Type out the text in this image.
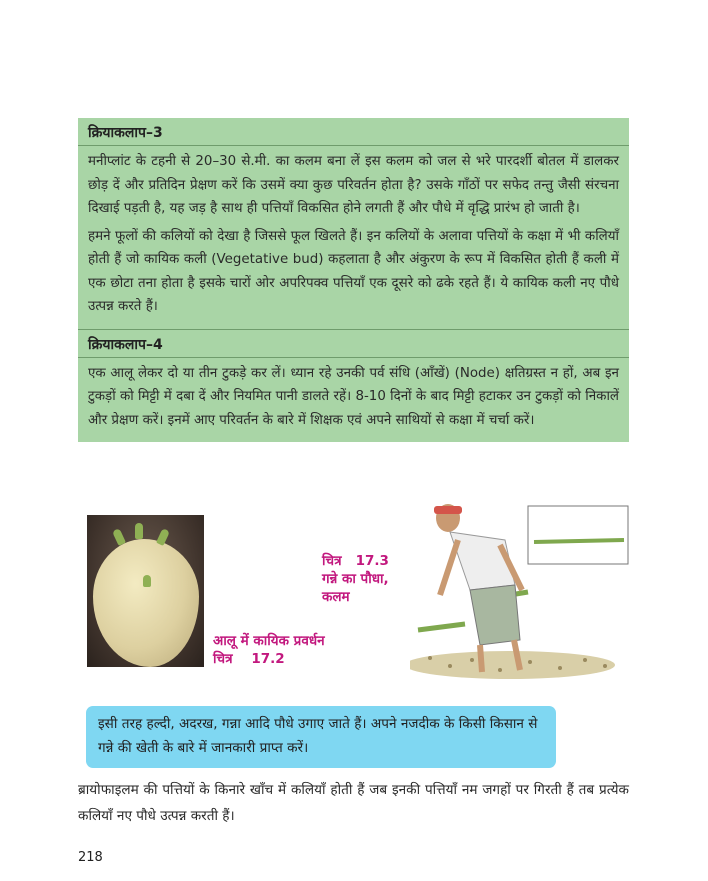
क्रियाकलाप–3

मनीप्लांट के टहनी से 20–30 से.मी. का कलम बना लें इस कलम को जल से भरे पारदर्शी बोतल में डालकर छोड़ दें और प्रतिदिन प्रेक्षण करें कि उसमें क्या कुछ परिवर्तन होता है? उसके गाँठों पर सफेद तन्तु जैसी संरचना दिखाई पड़ती है, यह जड़ है साथ ही पत्तियाँ विकसित होने लगती हैं और पौधे में वृद्धि प्रारंभ हो जाती है।

हमने फूलों की कलियों को देखा है जिससे फूल खिलते हैं। इन कलियों के अलावा पत्तियों के कक्षा में भी कलियाँ होती हैं जो कायिक कली (Vegetative bud) कहलाता है और अंकुरण के रूप में विकसित होती हैं कली में एक छोटा तना होता है इसके चारों ओर अपरिपक्व पत्तियाँ एक दूसरे को ढके रहते हैं। ये कायिक कली नए पौधे उत्पन्न करते हैं।

क्रियाकलाप–4

एक आलू लेकर दो या तीन टुकड़े कर लें। ध्यान रहे उनकी पर्व संधि (आँखें) (Node) क्षतिग्रस्त न हों, अब इन टुकड़ों को मिट्टी में दबा दें और नियमित पानी डालते रहें। 8-10 दिनों के बाद मिट्टी हटाकर उन टुकड़ों को निकालें और प्रेक्षण करें। इनमें आए परिवर्तन के बारे में शिक्षक एवं अपने साथियों से कक्षा में चर्चा करें।

आलू में कायिक प्रवर्धन
चित्र    17.2
चित्र   17.3
गन्ने का पौधा,
कलम
इसी तरह हल्दी, अदरख, गन्ना आदि पौधे उगाए जाते हैं। अपने नजदीक के किसी किसान से गन्ने की खेती के बारे में जानकारी प्राप्त करें।
ब्रायोफाइलम की पत्तियों के किनारे खाँच में कलियाँ होती हैं जब इनकी पत्तियाँ नम जगहों पर गिरती हैं तब प्रत्येक कलियाँ नए पौधे उत्पन्न करती हैं।
218
